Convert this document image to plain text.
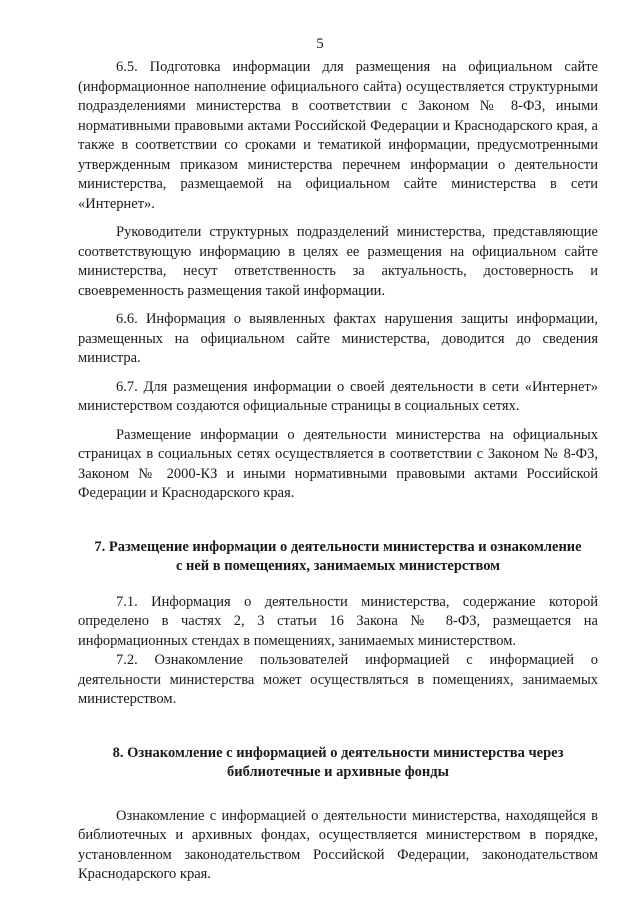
5

6.5. Подготовка информации для размещения на официальном сайте (информационное наполнение официального сайта) осуществляется структурными подразделениями министерства в соответствии с Законом № 8-ФЗ, иными нормативными правовыми актами Российской Федерации и Краснодарского края, а также в соответствии со сроками и тематикой информации, предусмотренными утвержденным приказом министерства перечнем информации о деятельности министерства, размещаемой на официальном сайте министерства в сети «Интернет».

Руководители структурных подразделений министерства, представляющие соответствующую информацию в целях ее размещения на официальном сайте министерства, несут ответственность за актуальность, достоверность и своевременность размещения такой информации.

6.6. Информация о выявленных фактах нарушения защиты информации, размещенных на официальном сайте министерства, доводится до сведения министра.

6.7. Для размещения информации о своей деятельности в сети «Интернет» министерством создаются официальные страницы в социальных сетях.

Размещение информации о деятельности министерства на официальных страницах в социальных сетях осуществляется в соответствии с Законом № 8-ФЗ, Законом № 2000-КЗ и иными нормативными правовыми актами Российской Федерации и Краснодарского края.

7. Размещение информации о деятельности министерства и ознакомление с ней в помещениях, занимаемых министерством

7.1. Информация о деятельности министерства, содержание которой определено в частях 2, 3 статьи 16 Закона № 8-ФЗ, размещается на информационных стендах в помещениях, занимаемых министерством.

7.2. Ознакомление пользователей информацией с информацией о деятельности министерства может осуществляться в помещениях, занимаемых министерством.

8. Ознакомление с информацией о деятельности министерства через библиотечные и архивные фонды

Ознакомление с информацией о деятельности министерства, находящейся в библиотечных и архивных фондах, осуществляется министерством в порядке, установленном законодательством Российской Федерации, законодательством Краснодарского края.
